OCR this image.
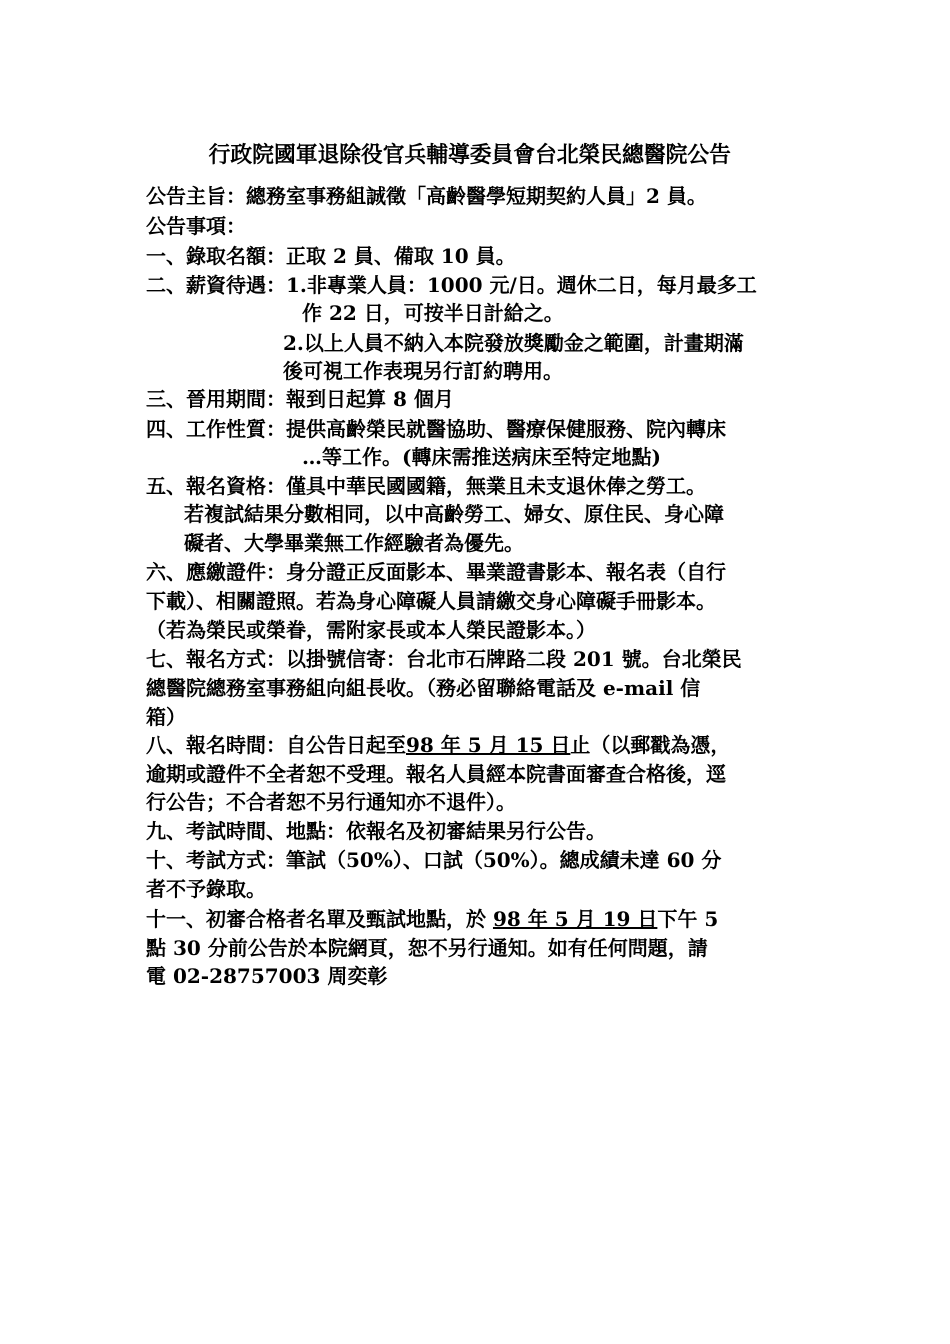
行政院國軍退除役官兵輔導委員會台北榮民總醫院公告
公告主旨：總務室事務組誠徵「高齡醫學短期契約人員」2 員。
公告事項：
一、錄取名額：正取 2 員、備取 10 員。
二、薪資待遇：1.非專業人員：1000 元/日。週休二日，每月最多工
作 22 日，可按半日計給之。
2.以上人員不納入本院發放獎勵金之範圍，計畫期滿
後可視工作表現另行訂約聘用。
三、晉用期間：報到日起算 8 個月
四、工作性質：提供高齡榮民就醫協助、醫療保健服務、院內轉床
…等工作。(轉床需推送病床至特定地點)
五、報名資格：僅具中華民國國籍，無業且未支退休俸之勞工。
若複試結果分數相同，以中高齡勞工、婦女、原住民、身心障
礙者、大學畢業無工作經驗者為優先。
六、應繳證件：身分證正反面影本、畢業證書影本、報名表（自行
下載）、相關證照。若為身心障礙人員請繳交身心障礙手冊影本。
（若為榮民或榮眷，需附家長或本人榮民證影本。）
七、報名方式：以掛號信寄：台北市石牌路二段 201 號。台北榮民
總醫院總務室事務組向組長收。（務必留聯絡電話及 e-mail 信
箱）
八、報名時間：自公告日起至98 年 5 月 15 日止（以郵戳為憑，
逾期或證件不全者恕不受理。報名人員經本院書面審查合格後，逕
行公告；不合者恕不另行通知亦不退件）。
九、考試時間、地點：依報名及初審結果另行公告。
十、考試方式：筆試（50%）、口試（50%）。總成績未達 60 分
者不予錄取。
十一、初審合格者名單及甄試地點，於 98 年 5 月 19 日下午 5
點 30 分前公告於本院網頁，恕不另行通知。如有任何問題，請
電 02-28757003 周奕彰
